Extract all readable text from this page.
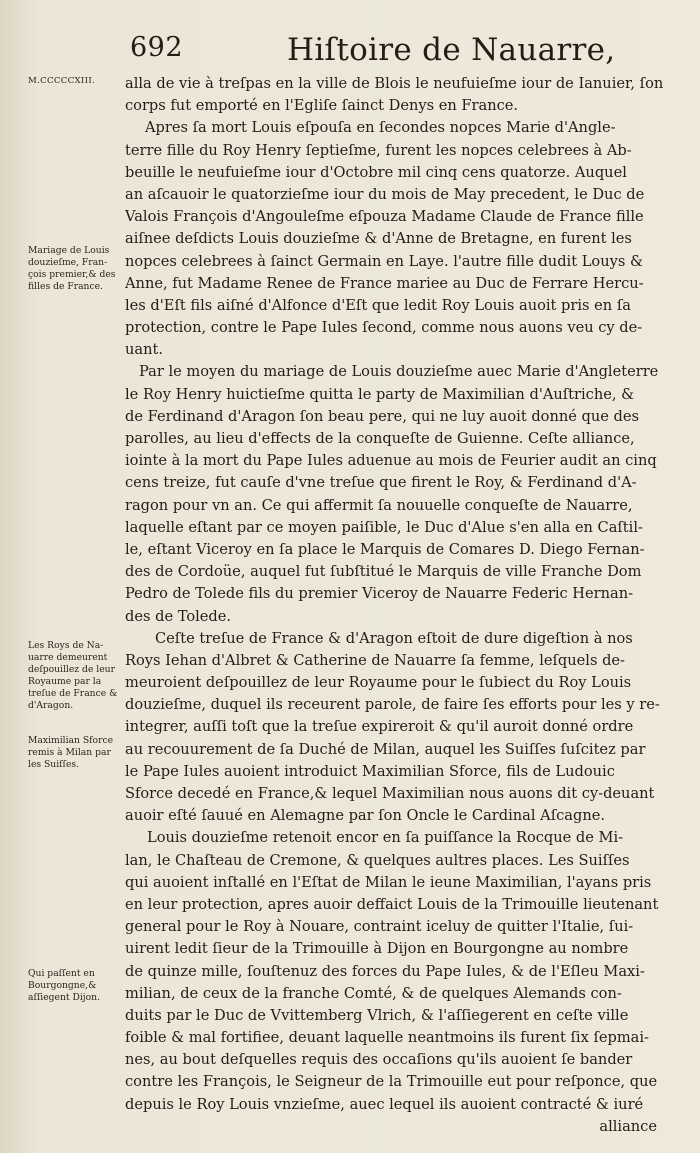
692	Hiſtoire de Nauarre,
M.CCCCCXIII.
Mariage de Louis
douzieſme, Fran-
çois premier,& des
filles de France.
Les Roys de Na-
uarre demeurent
deſpouillez de leur
Royaume par la
treſue de France &
d'Aragon.
Maximilian Sforce
remis à Milan par
les Suiſſes.
Qui paſſent en
Bourgongne,&
aſſiegent Dijon.
alla de vie à treſpas en la ville de Blois le neufuieſme iour de Ianuier, ſon
corps fut emporté en l'Egliſe ſainct Denys en France.
Apres ſa mort Louis eſpouſa en ſecondes nopces Marie d'Angle-
terre fille du Roy Henry ſeptieſme, furent les nopces celebrees à Ab-
beuille le neufuieſme iour d'Octobre mil cinq cens quatorze. Auquel
an aſcauoir le quatorzieſme iour du mois de May precedent, le Duc de
Valois François d'Angouleſme eſpouza Madame Claude de France fille
aiſnee deſdicts Louis douzieſme & d'Anne de Bretagne, en furent les
nopces celebrees à ſainct Germain en Laye. l'autre fille dudit Louys &
Anne, fut Madame Renee de France mariee au Duc de Ferrare Hercu-
les d'Eſt fils aiſné d'Alfonce d'Eſt que ledit Roy Louis auoit pris en ſa
protection, contre le Pape Iules ſecond, comme nous auons veu cy de-
uant.
Par le moyen du mariage de Louis douzieſme auec Marie d'Angleterre
le Roy Henry huictieſme quitta le party de Maximilian d'Auſtriche, &
de Ferdinand d'Aragon ſon beau pere, qui ne luy auoit donné que des
parolles, au lieu d'effects de la conqueſte de Guienne. Ceſte alliance,
iointe à la mort du Pape Iules aduenue au mois de Feurier audit an cinq
cens treize, fut cauſe d'vne treſue que firent le Roy, & Ferdinand d'A-
ragon pour vn an. Ce qui affermit ſa nouuelle conqueſte de Nauarre,
laquelle eſtant par ce moyen paiſible, le Duc d'Alue s'en alla en Caſtil-
le, eſtant Viceroy en ſa place le Marquis de Comares D. Diego Fernan-
des de Cordoüe, auquel fut ſubſtitué le Marquis de ville Franche Dom
Pedro de Tolede fils du premier Viceroy de Nauarre Federic Hernan-
des de Tolede.
Ceſte treſue de France & d'Aragon eſtoit de dure digeſtion à nos
Roys Iehan d'Albret & Catherine de Nauarre ſa femme, leſquels de-
meuroient deſpouillez de leur Royaume pour le ſubiect du Roy Louis
douzieſme, duquel ils receurent parole, de faire ſes efforts pour les y re-
integrer, auſſi toſt que la treſue expireroit & qu'il auroit donné ordre
au recouurement de ſa Duché de Milan, auquel les Suiſſes ſuſcitez par
le Pape Iules auoient introduict Maximilian Sforce, fils de Ludouic
Sforce decedé en France,& lequel Maximilian nous auons dit cy-deuant
auoir eſté ſauué en Alemagne par ſon Oncle le Cardinal Aſcagne.
Louis douzieſme retenoit encor en ſa puiſſance la Rocque de Mi-
lan, le Chaſteau de Cremone, & quelques aultres places. Les Suiſſes
qui auoient inſtallé en l'Eſtat de Milan le ieune Maximilian, l'ayans pris
en leur protection, apres auoir deffaict Louis de la Trimouille lieutenant
general pour le Roy à Nouare, contraint iceluy de quitter l'Italie, ſui-
uirent ledit ſieur de la Trimouille à Dijon en Bourgongne au nombre
de quinze mille, ſouſtenuz des forces du Pape Iules, & de l'Eſleu Maxi-
milian, de ceux de la franche Comté, & de quelques Alemands con-
duits par le Duc de Vvittemberg Vlrich, & l'aſſiegerent en ceſte ville
foible & mal fortifiee, deuant laquelle neantmoins ils furent ſix ſepmai-
nes, au bout deſquelles requis des occaſions qu'ils auoient ſe bander
contre les François, le Seigneur de la Trimouille eut pour reſponce, que
depuis le Roy Louis vnzieſme, auec lequel ils auoient contracté & iuré
alliance
